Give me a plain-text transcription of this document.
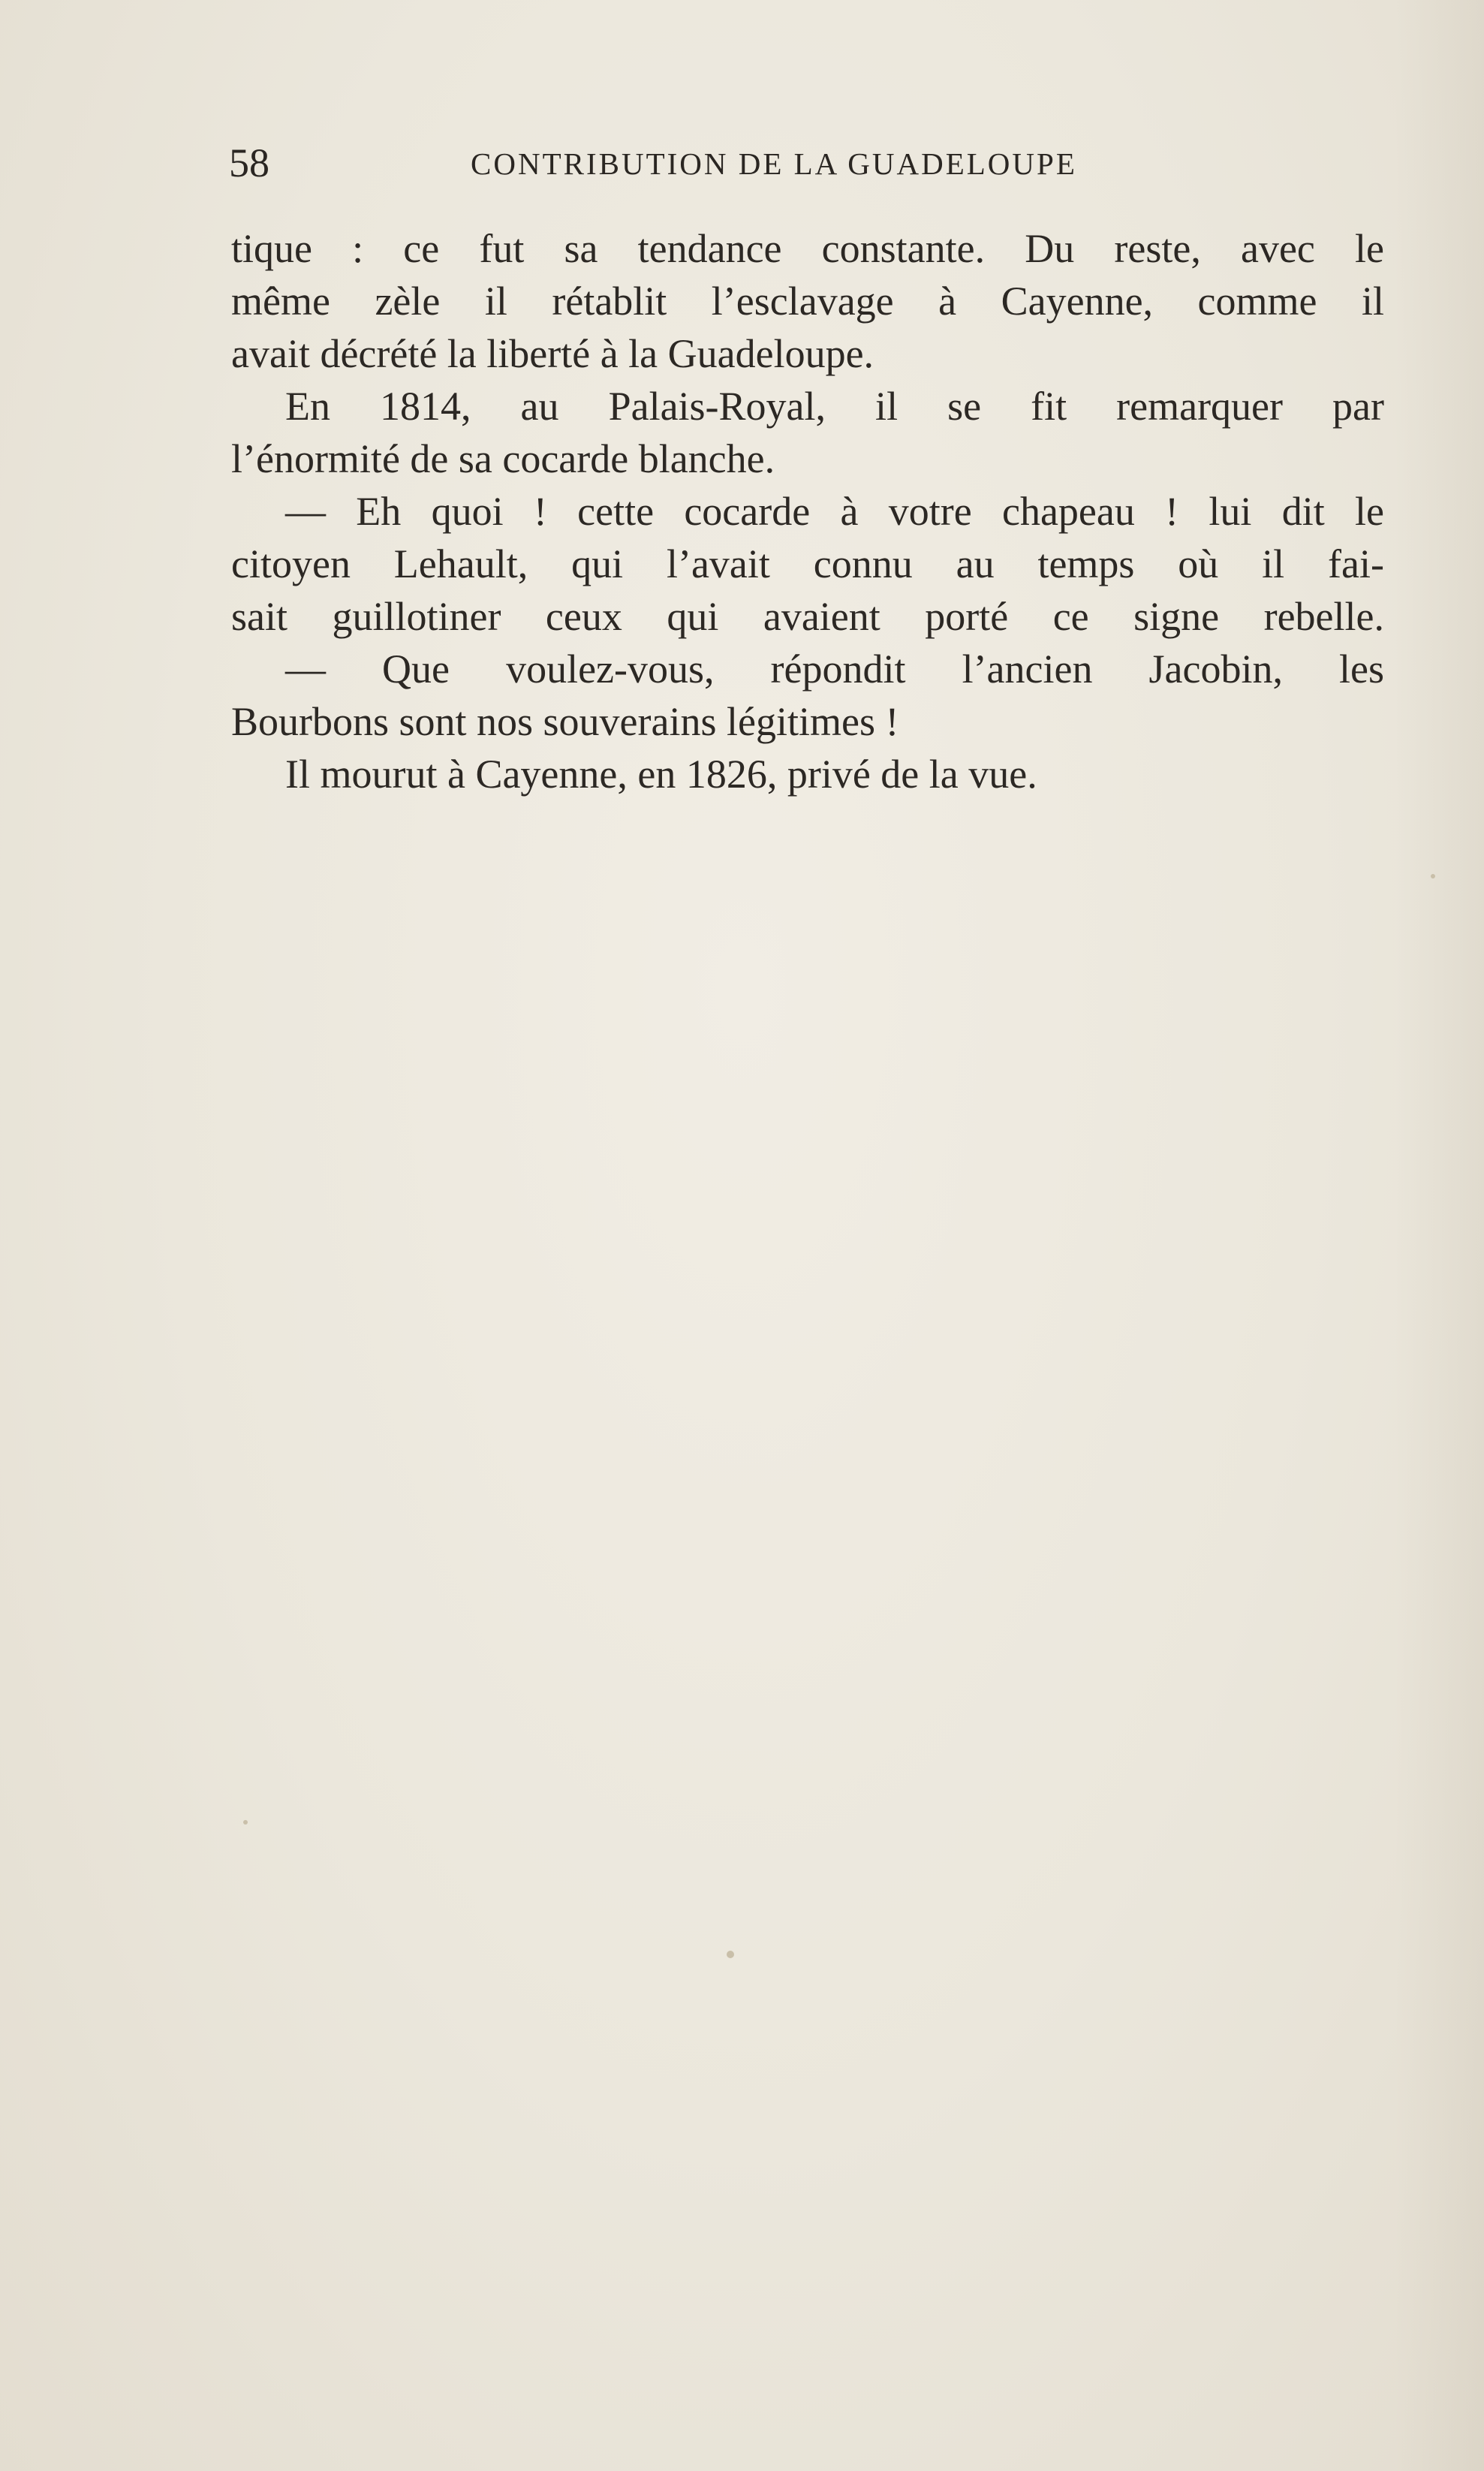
58	CONTRIBUTION DE LA GUADELOUPE
tique : ce fut sa tendance constante. Du reste, avec le
même zèle il rétablit l’esclavage à Cayenne, comme il
avait décrété la liberté à la Guadeloupe.
En 1814, au Palais-Royal, il se fit remarquer par
l’énormité de sa cocarde blanche.
— Eh quoi ! cette cocarde à votre chapeau ! lui dit le
citoyen Lehault, qui l’avait connu au temps où il fai-
sait guillotiner ceux qui avaient porté ce signe rebelle.
— Que voulez-vous, répondit l’ancien Jacobin, les
Bourbons sont nos souverains légitimes !
Il mourut à Cayenne, en 1826, privé de la vue.
